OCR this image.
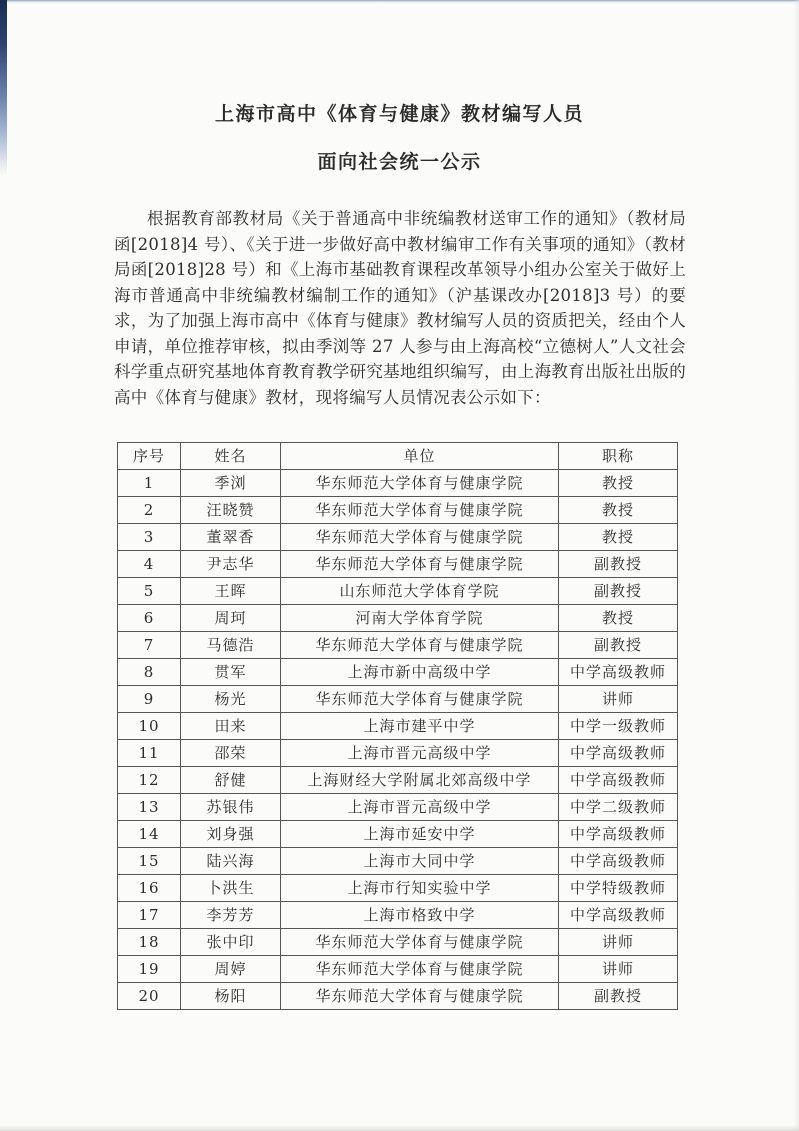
上海市高中《体育与健康》教材编写人员
面向社会统一公示

根据教育部教材局《关于普通高中非统编教材送审工作的通知》（教材局函[2018]4 号）、《关于进一步做好高中教材编审工作有关事项的通知》（教材局函[2018]28 号）和《上海市基础教育课程改革领导小组办公室关于做好上海市普通高中非统编教材编制工作的通知》（沪基课改办[2018]3 号）的要求，为了加强上海市高中《体育与健康》教材编写人员的资质把关，经由个人申请，单位推荐审核，拟由季浏等 27 人参与由上海高校“立德树人”人文社会科学重点研究基地体育教育教学研究基地组织编写，由上海教育出版社出版的高中《体育与健康》教材，现将编写人员情况表公示如下：

序号	姓名	单位	职称
1	季浏	华东师范大学体育与健康学院	教授
2	汪晓赞	华东师范大学体育与健康学院	教授
3	董翠香	华东师范大学体育与健康学院	教授
4	尹志华	华东师范大学体育与健康学院	副教授
5	王晖	山东师范大学体育学院	副教授
6	周珂	河南大学体育学院	教授
7	马德浩	华东师范大学体育与健康学院	副教授
8	贯军	上海市新中高级中学	中学高级教师
9	杨光	华东师范大学体育与健康学院	讲师
10	田来	上海市建平中学	中学一级教师
11	邵荣	上海市晋元高级中学	中学高级教师
12	舒健	上海财经大学附属北郊高级中学	中学高级教师
13	苏银伟	上海市晋元高级中学	中学二级教师
14	刘身强	上海市延安中学	中学高级教师
15	陆兴海	上海市大同中学	中学高级教师
16	卜洪生	上海市行知实验中学	中学特级教师
17	李芳芳	上海市格致中学	中学高级教师
18	张中印	华东师范大学体育与健康学院	讲师
19	周婷	华东师范大学体育与健康学院	讲师
20	杨阳	华东师范大学体育与健康学院	副教授
